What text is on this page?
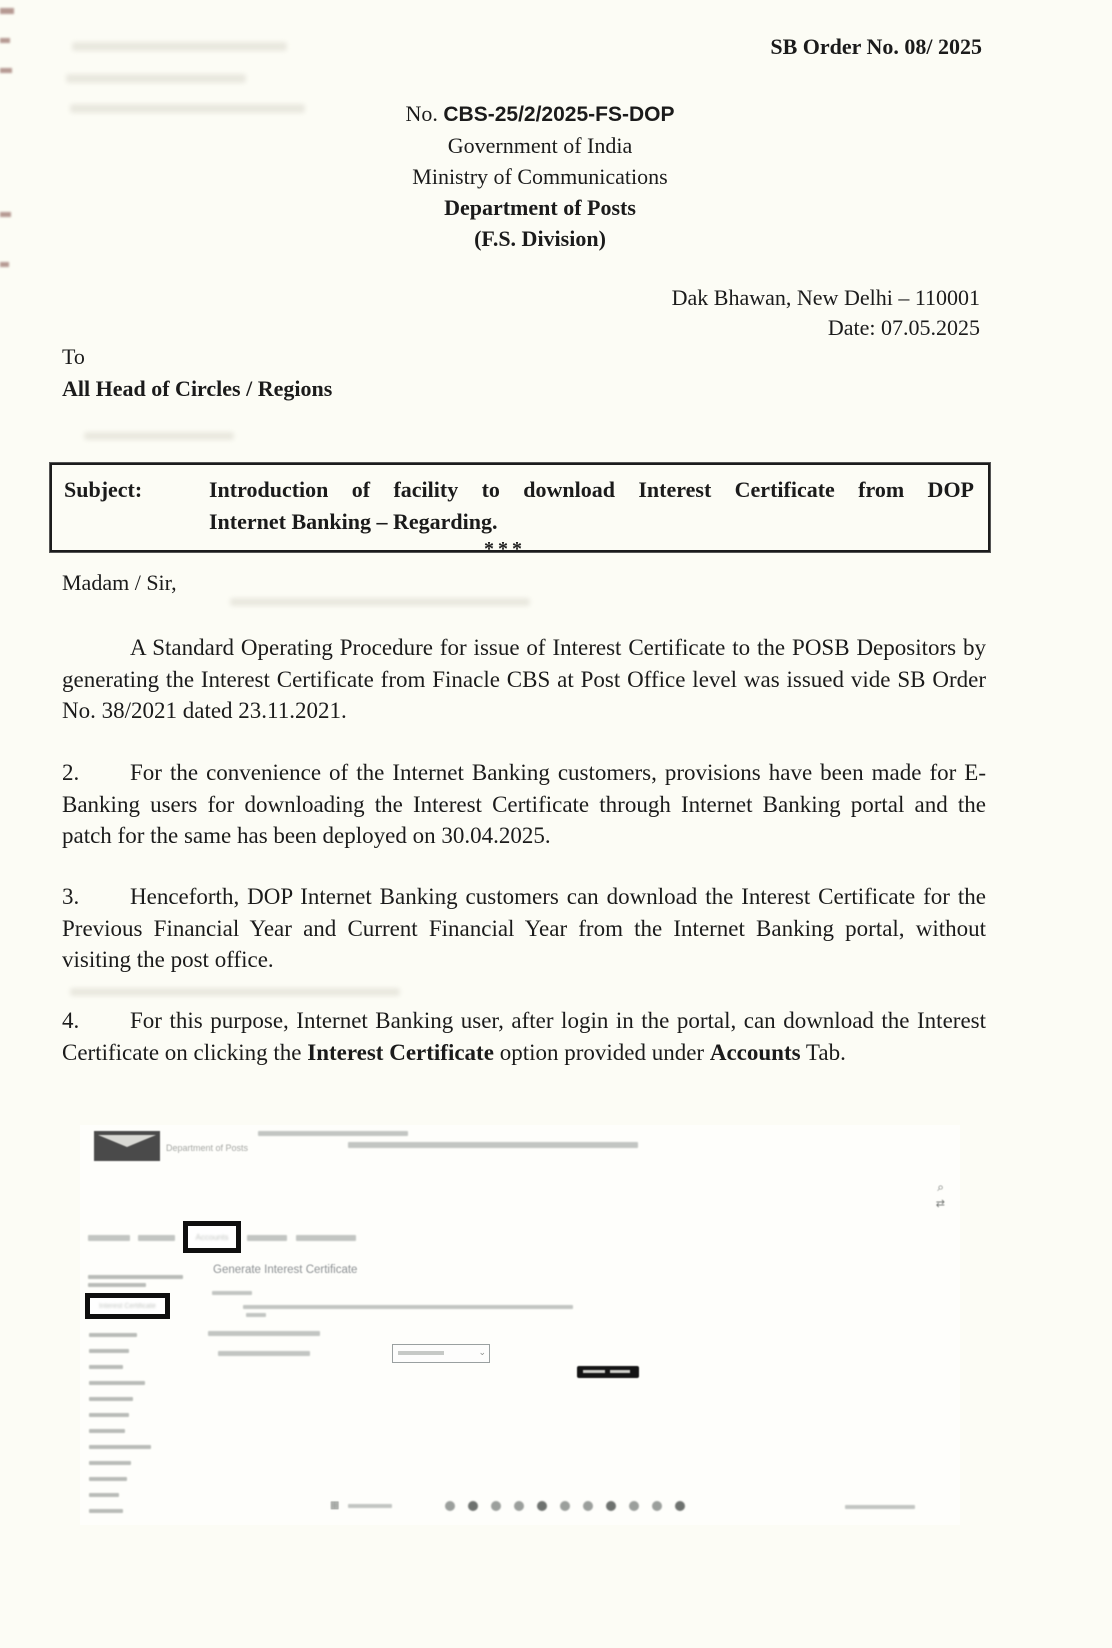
SB Order No. 08/ 2025
No. CBS-25/2/2025-FS-DOP
Government of India
Ministry of Communications
Department of Posts
(F.S. Division)
Dak Bhawan, New Delhi – 110001
Date: 07.05.2025
To
All Head of Circles / Regions
Subject:	Introduction of facility to download Interest Certificate from DOP
Internet Banking – Regarding.
***
Madam / Sir,
A Standard Operating Procedure for issue of Interest Certificate to the POSB Depositors by generating the Interest Certificate from Finacle CBS at Post Office level was issued vide SB Order No. 38/2021 dated 23.11.2021.
2. For the convenience of the Internet Banking customers, provisions have been made for E-Banking users for downloading the Interest Certificate through Internet Banking portal and the patch for the same has been deployed on 30.04.2025.
3. Henceforth, DOP Internet Banking customers can download the Interest Certificate for the Previous Financial Year and Current Financial Year from the Internet Banking portal, without visiting the post office.
4. For this purpose, Internet Banking user, after login in the portal, can download the Interest Certificate on clicking the Interest Certificate option provided under Accounts Tab.
Department of Posts
⌕
⇄
Accounts
Interest Certificate
Generate Interest Certificate
⌄
▦
